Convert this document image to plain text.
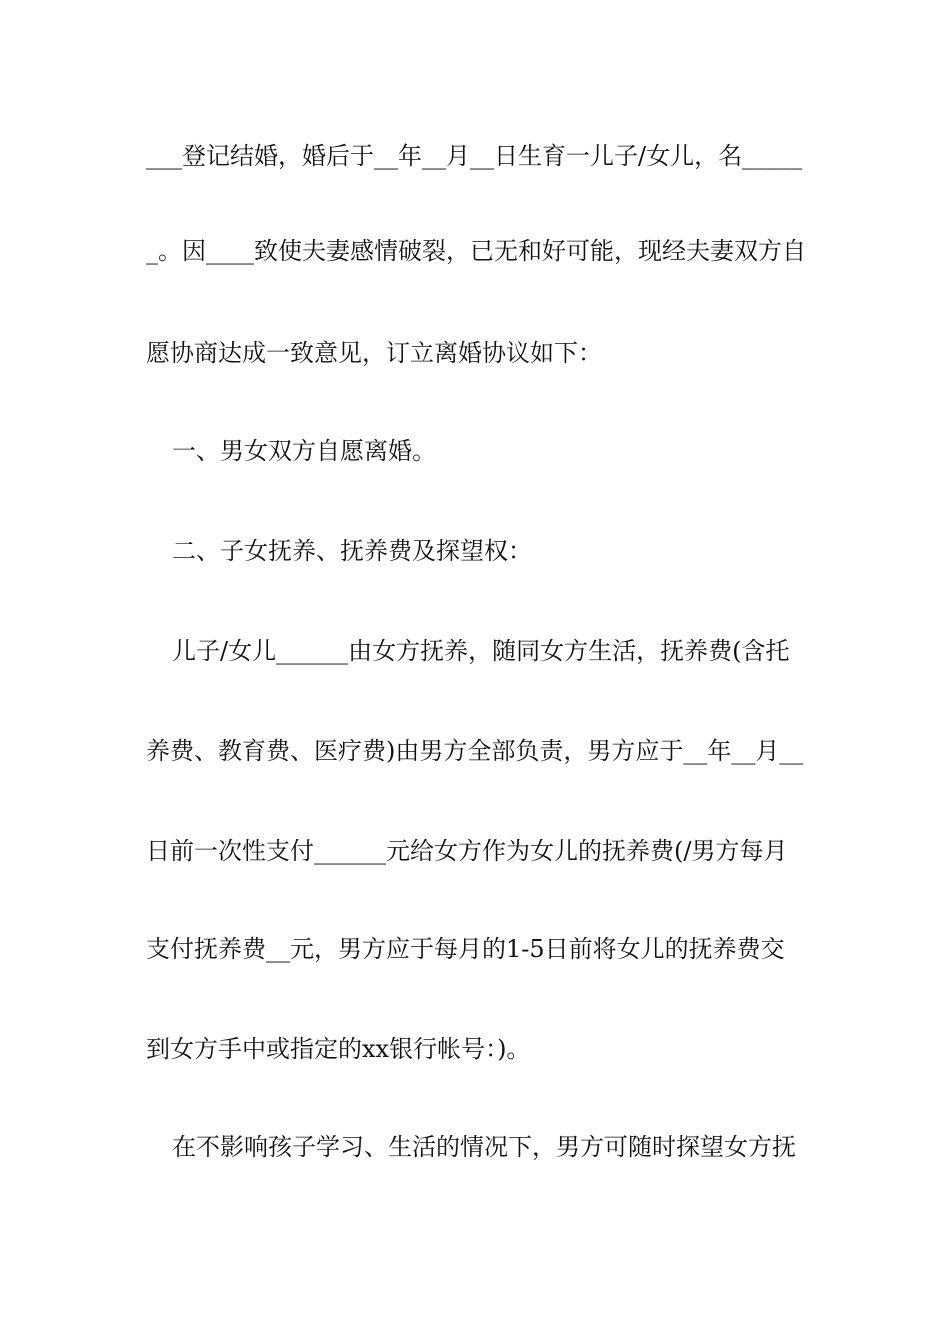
___登记结婚，婚后于__年__月__日生育一儿子/女儿，名_____
_。因____致使夫妻感情破裂，已无和好可能，现经夫妻双方自
愿协商达成一致意见，订立离婚协议如下：
一、男女双方自愿离婚。
二、子女抚养、抚养费及探望权：
儿子/女儿______由女方抚养，随同女方生活，抚养费(含托
养费、教育费、医疗费)由男方全部负责，男方应于__年__月__
日前一次性支付______元给女方作为女儿的抚养费(/男方每月
支付抚养费__元，男方应于每月的1-5日前将女儿的抚养费交
到女方手中或指定的xx银行帐号：)。
在不影响孩子学习、生活的情况下，男方可随时探望女方抚
